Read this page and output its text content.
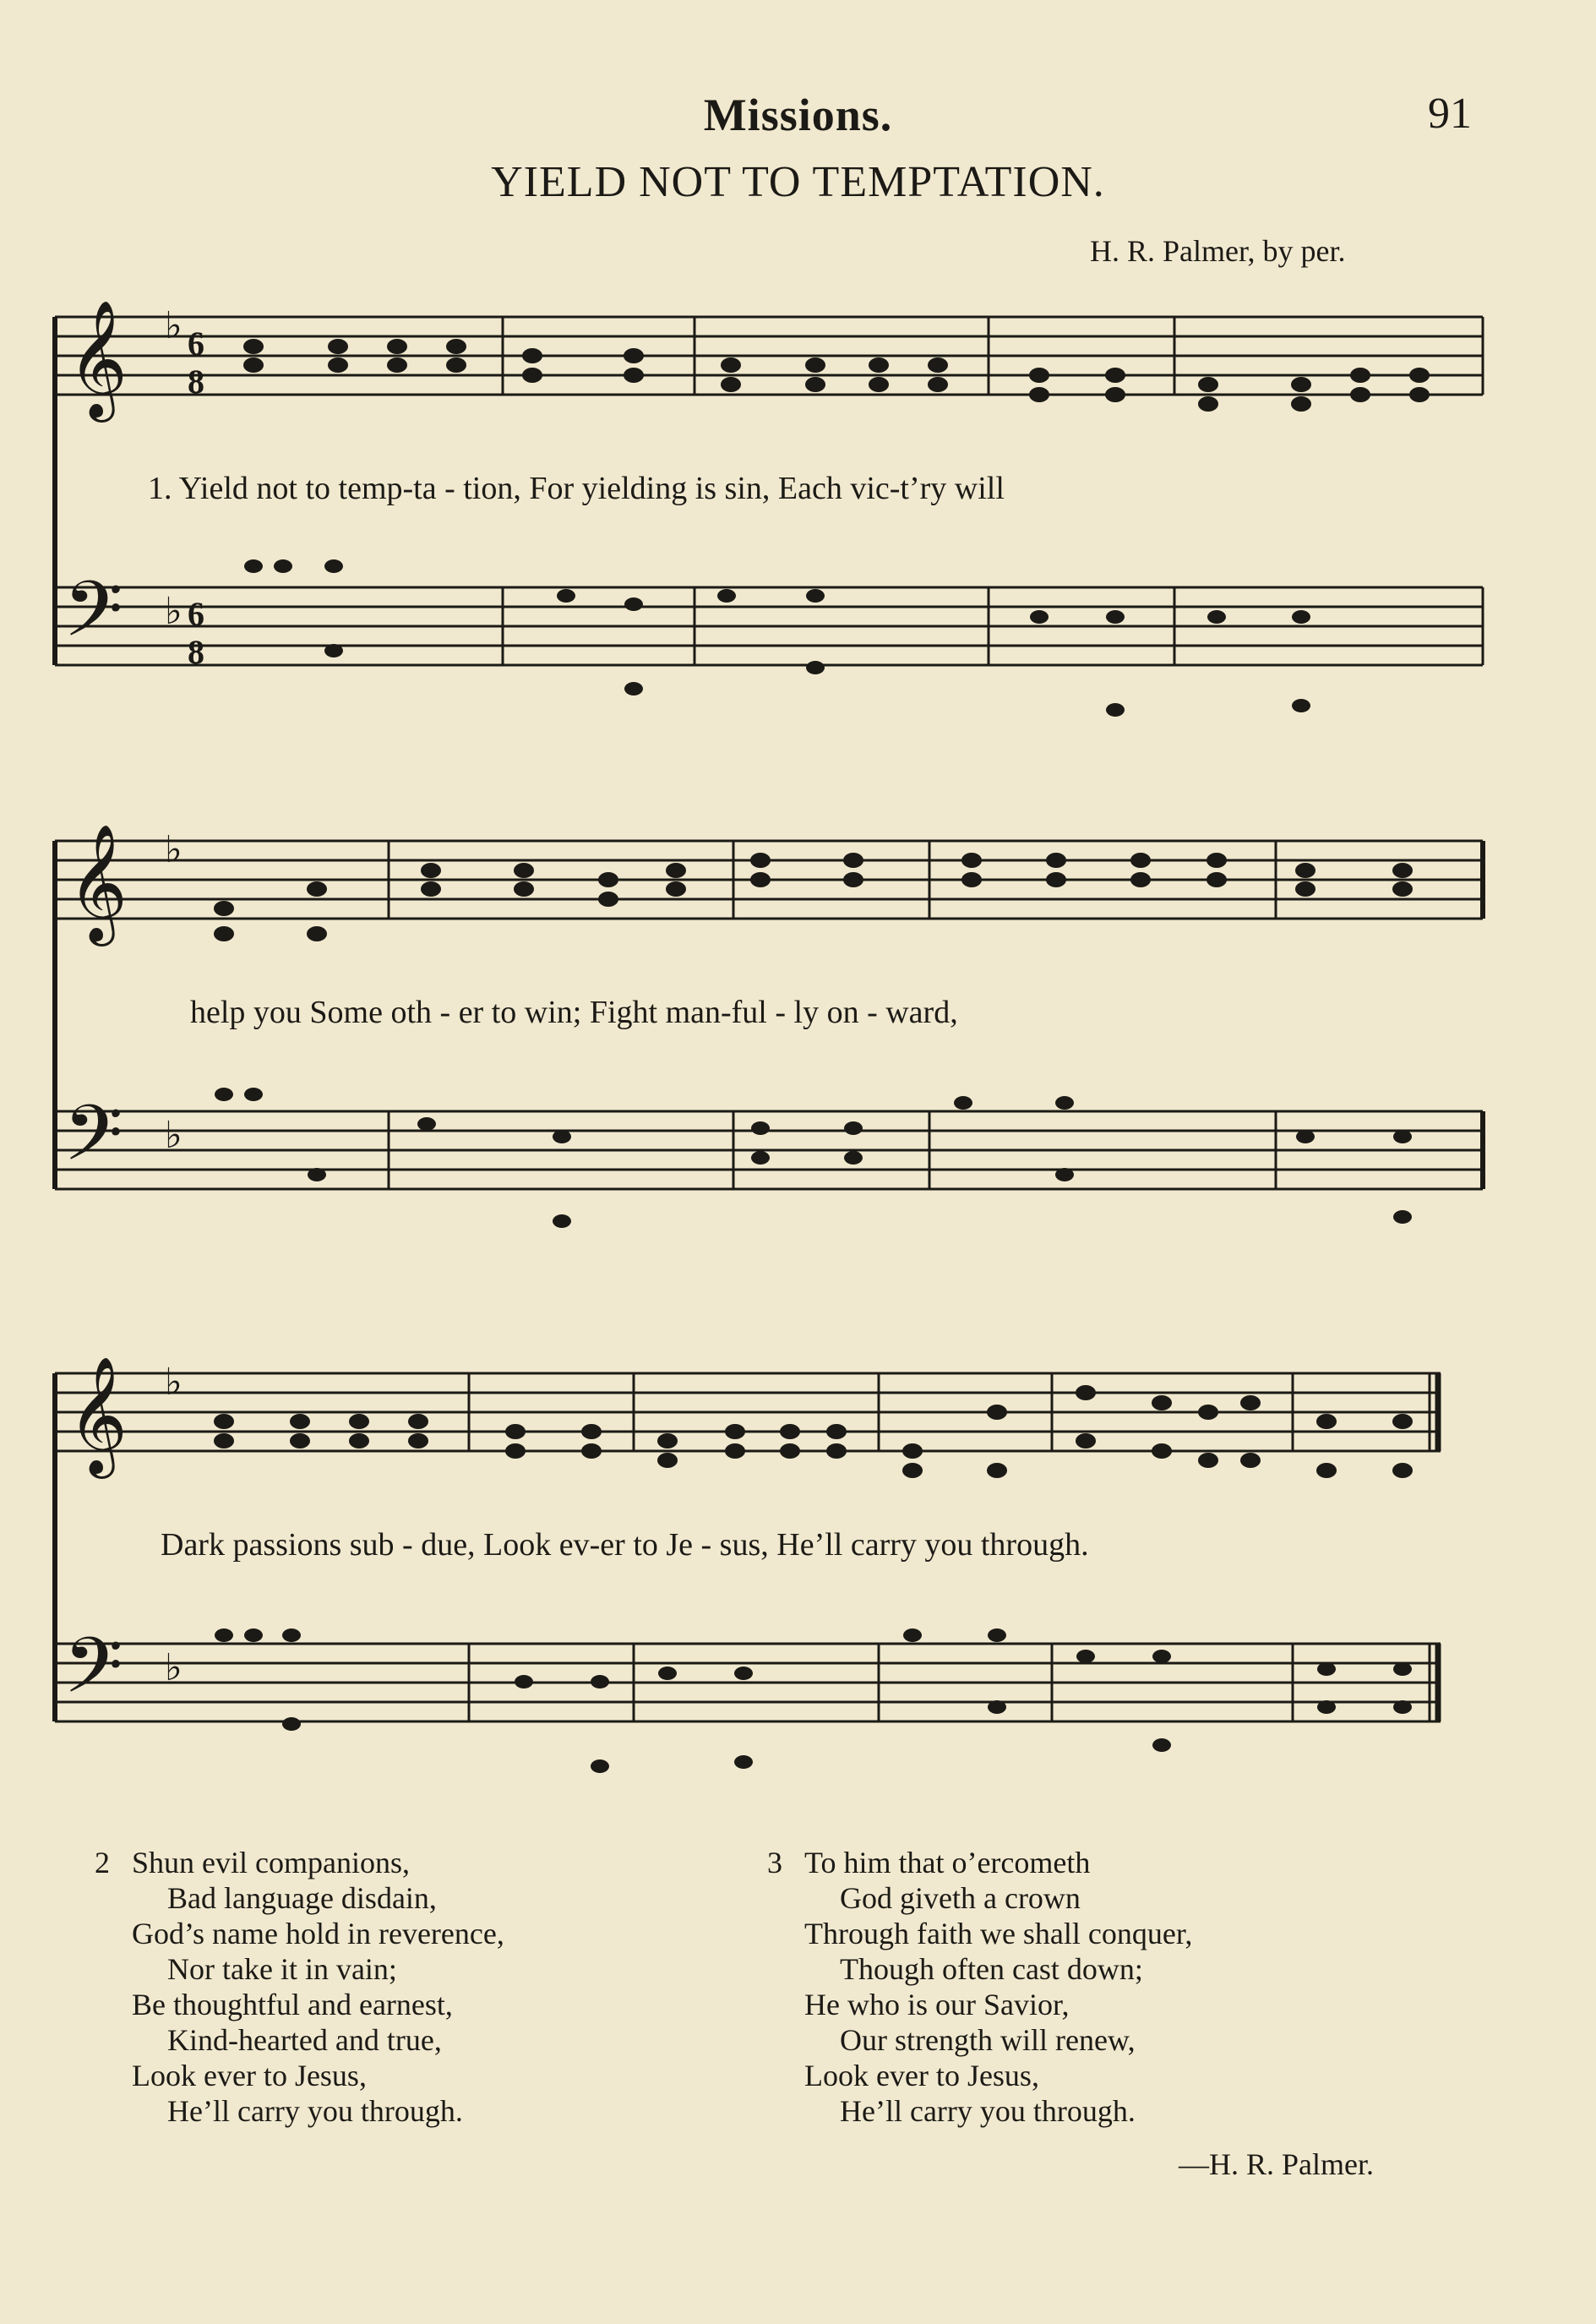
Missions.	91
YIELD NOT TO TEMPTATION.
H. R. Palmer, by per.
𝄞 ♭ 6
8
𝄢 ♭ 6
8
1. Yield not to temp-ta - tion, For yielding is sin, Each vic-t’ry will
𝄞 ♭
𝄢 ♭
help you Some oth - er to win; Fight man-ful - ly on - ward,
𝄞 ♭
𝄢 ♭
Dark passions sub - due, Look ev-er to Je - sus, He’ll carry you through.
2 Shun evil companions,
Bad language disdain,
God’s name hold in reverence,
Nor take it in vain;
Be thoughtful and earnest,
Kind-hearted and true,
Look ever to Jesus,
He’ll carry you through.
3 To him that o’ercometh
God giveth a crown
Through faith we shall conquer,
Though often cast down;
He who is our Savior,
Our strength will renew,
Look ever to Jesus,
He’ll carry you through.
—H. R. Palmer.
